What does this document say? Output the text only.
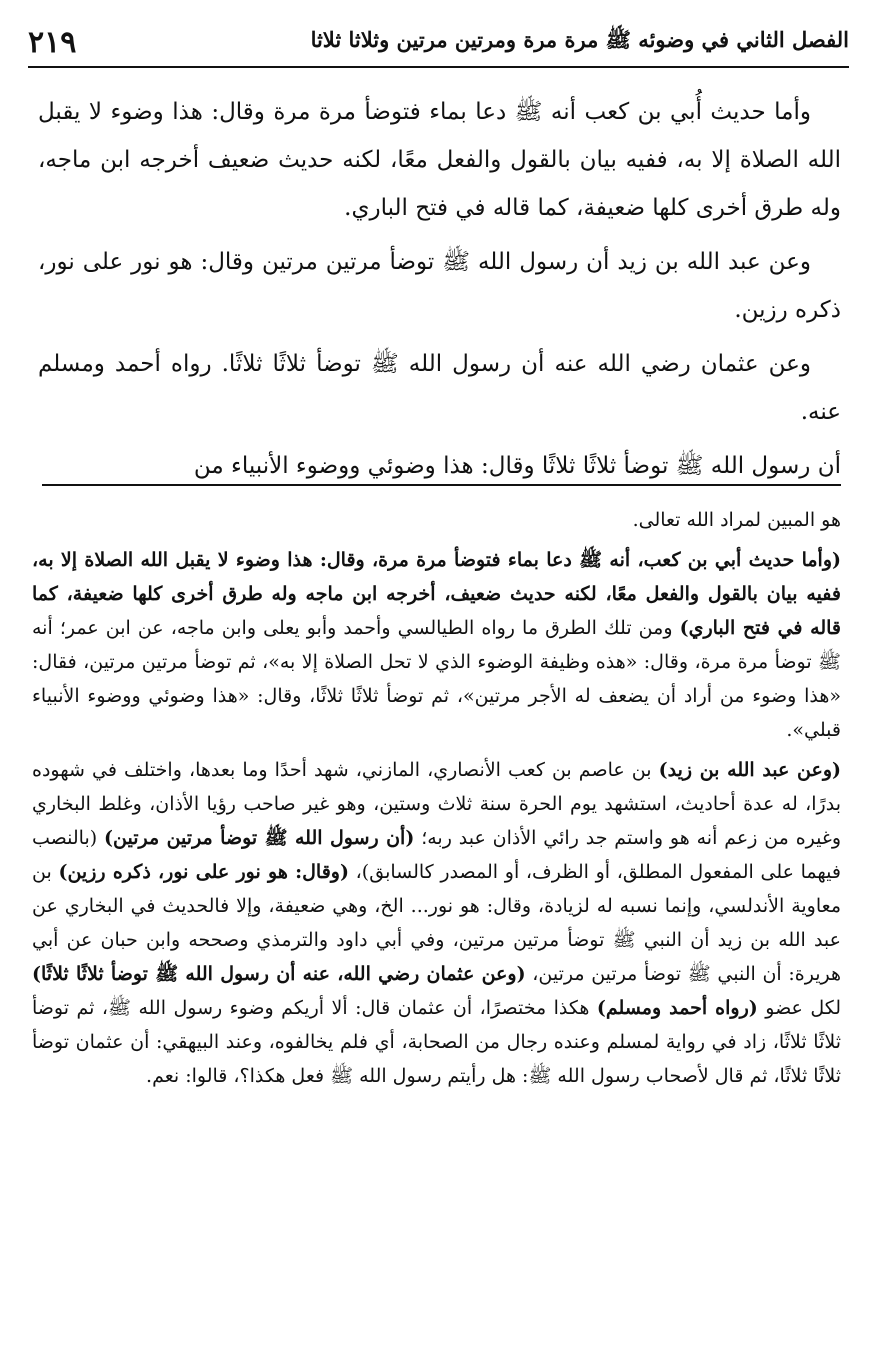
الفصل الثاني في وضوئه ﷺ مرة مرة ومرتين مرتين وثلاثا ثلاثا
٢١٩

وأما حديث أُبي بن كعب أنه ﷺ دعا بماء فتوضأ مرة مرة وقال: هذا وضوء لا يقبل الله الصلاة إلا به، ففيه بيان بالقول والفعل معًا، لكنه حديث ضعيف أخرجه ابن ماجه، وله طرق أخرى كلها ضعيفة، كما قاله في فتح الباري.

وعن عبد الله بن زيد أن رسول الله ﷺ توضأ مرتين مرتين وقال: هو نور على نور، ذكره رزين.

وعن عثمان رضي الله عنه أن رسول الله ﷺ توضأ ثلاثًا ثلاثًا. رواه أحمد ومسلم عنه.

أن رسول الله ﷺ توضأ ثلاثًا ثلاثًا وقال: هذا وضوئي ووضوء الأنبياء من

هو المبين لمراد الله تعالى.

(وأما حديث أبي بن كعب، أنه ﷺ دعا بماء فتوضأ مرة مرة، وقال: هذا وضوء لا يقبل الله الصلاة إلا به، ففيه بيان بالقول والفعل معًا، لكنه حديث ضعيف، أخرجه ابن ماجه وله طرق أخرى كلها ضعيفة، كما قاله في فتح الباري) ومن تلك الطرق ما رواه الطيالسي وأحمد وأبو يعلى وابن ماجه، عن ابن عمر؛ أنه ﷺ توضأ مرة مرة، وقال: «هذه وظيفة الوضوء الذي لا تحل الصلاة إلا به»، ثم توضأ مرتين مرتين، فقال: «هذا وضوء من أراد أن يضعف له الأجر مرتين»، ثم توضأ ثلاثًا ثلاثًا، وقال: «هذا وضوئي ووضوء الأنبياء قبلي».

(وعن عبد الله بن زيد) بن عاصم بن كعب الأنصاري، المازني، شهد أحدًا وما بعدها، واختلف في شهوده بدرًا، له عدة أحاديث، استشهد يوم الحرة سنة ثلاث وستين، وهو غير صاحب رؤيا الأذان، وغلط البخاري وغيره من زعم أنه هو واستم جد رائي الأذان عبد ربه؛ (أن رسول الله ﷺ توضأ مرتين مرتين) (بالنصب فيهما على المفعول المطلق، أو الظرف، أو المصدر كالسابق)، (وقال: هو نور على نور، ذكره رزين) بن معاوية الأندلسي، وإنما نسبه له لزيادة، وقال: هو نور... الخ، وهي ضعيفة، وإلا فالحديث في البخاري عن عبد الله بن زيد أن النبي ﷺ توضأ مرتين مرتين، وفي أبي داود والترمذي وصححه وابن حبان عن أبي هريرة: أن النبي ﷺ توضأ مرتين مرتين، (وعن عثمان رضي الله، عنه أن رسول الله ﷺ توضأ ثلاثًا ثلاثًا) لكل عضو (رواه أحمد ومسلم) هكذا مختصرًا، أن عثمان قال: ألا أريكم وضوء رسول الله ﷺ، ثم توضأ ثلاثًا ثلاثًا، زاد في رواية لمسلم وعنده رجال من الصحابة، أي فلم يخالفوه، وعند البيهقي: أن عثمان توضأ ثلاثًا ثلاثًا، ثم قال لأصحاب رسول الله ﷺ: هل رأيتم رسول الله ﷺ فعل هكذا؟، قالوا: نعم.
